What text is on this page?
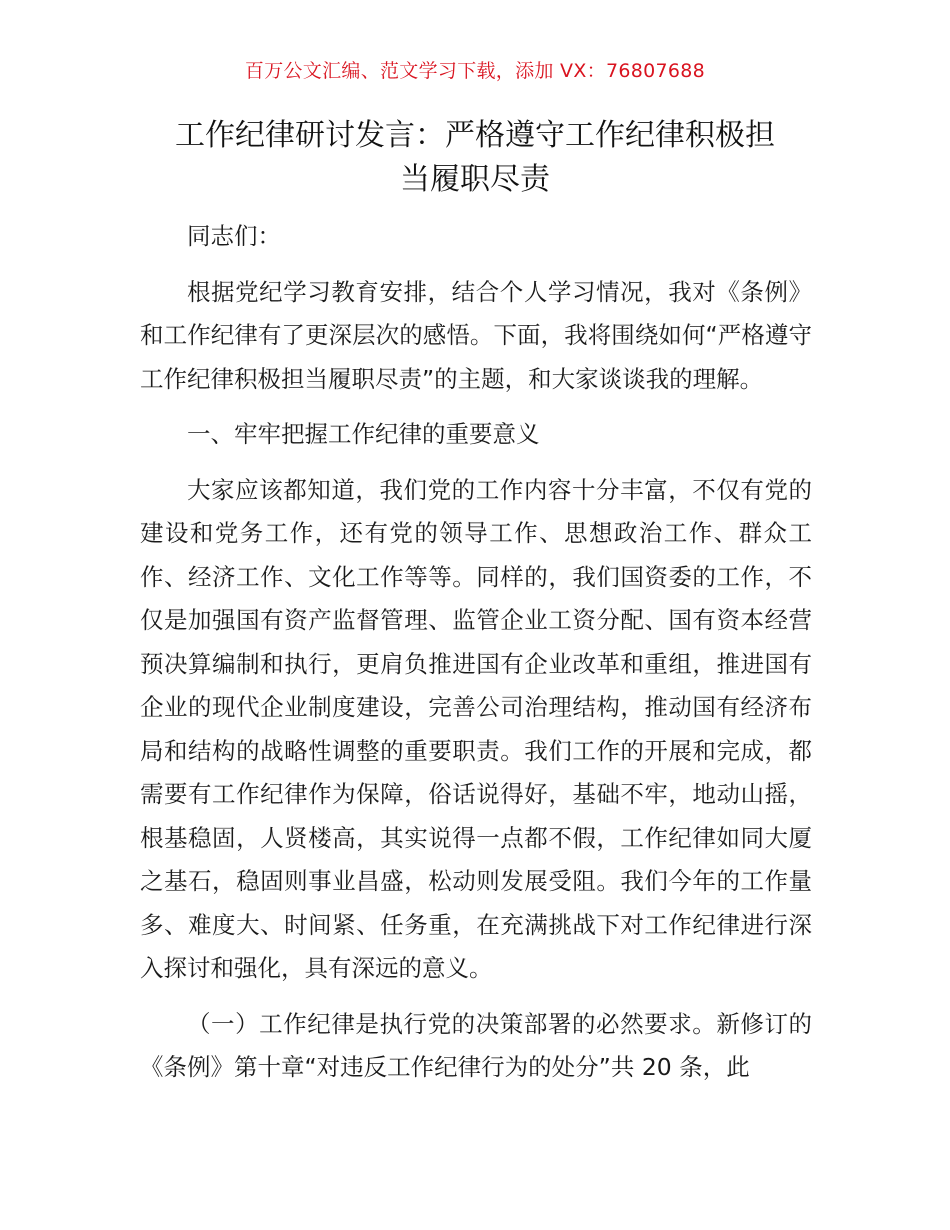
百万公文汇编、范文学习下载，添加 VX：76807688
工作纪律研讨发言：严格遵守工作纪律积极担
当履职尽责

同志们：

根据党纪学习教育安排，结合个人学习情况，我对《条例》和工作纪律有了更深层次的感悟。下面，我将围绕如何“严格遵守工作纪律积极担当履职尽责”的主题，和大家谈谈我的理解。

一、牢牢把握工作纪律的重要意义

大家应该都知道，我们党的工作内容十分丰富，不仅有党的建设和党务工作，还有党的领导工作、思想政治工作、群众工作、经济工作、文化工作等等。同样的，我们国资委的工作，不仅是加强国有资产监督管理、监管企业工资分配、国有资本经营预决算编制和执行，更肩负推进国有企业改革和重组，推进国有企业的现代企业制度建设，完善公司治理结构，推动国有经济布局和结构的战略性调整的重要职责。我们工作的开展和完成，都需要有工作纪律作为保障，俗话说得好，基础不牢，地动山摇，根基稳固，人贤楼高，其实说得一点都不假，工作纪律如同大厦之基石，稳固则事业昌盛，松动则发展受阻。我们今年的工作量多、难度大、时间紧、任务重，在充满挑战下对工作纪律进行深入探讨和强化，具有深远的意义。

（一）工作纪律是执行党的决策部署的必然要求。新修订的《条例》第十章“对违反工作纪律行为的处分”共 20 条，此
